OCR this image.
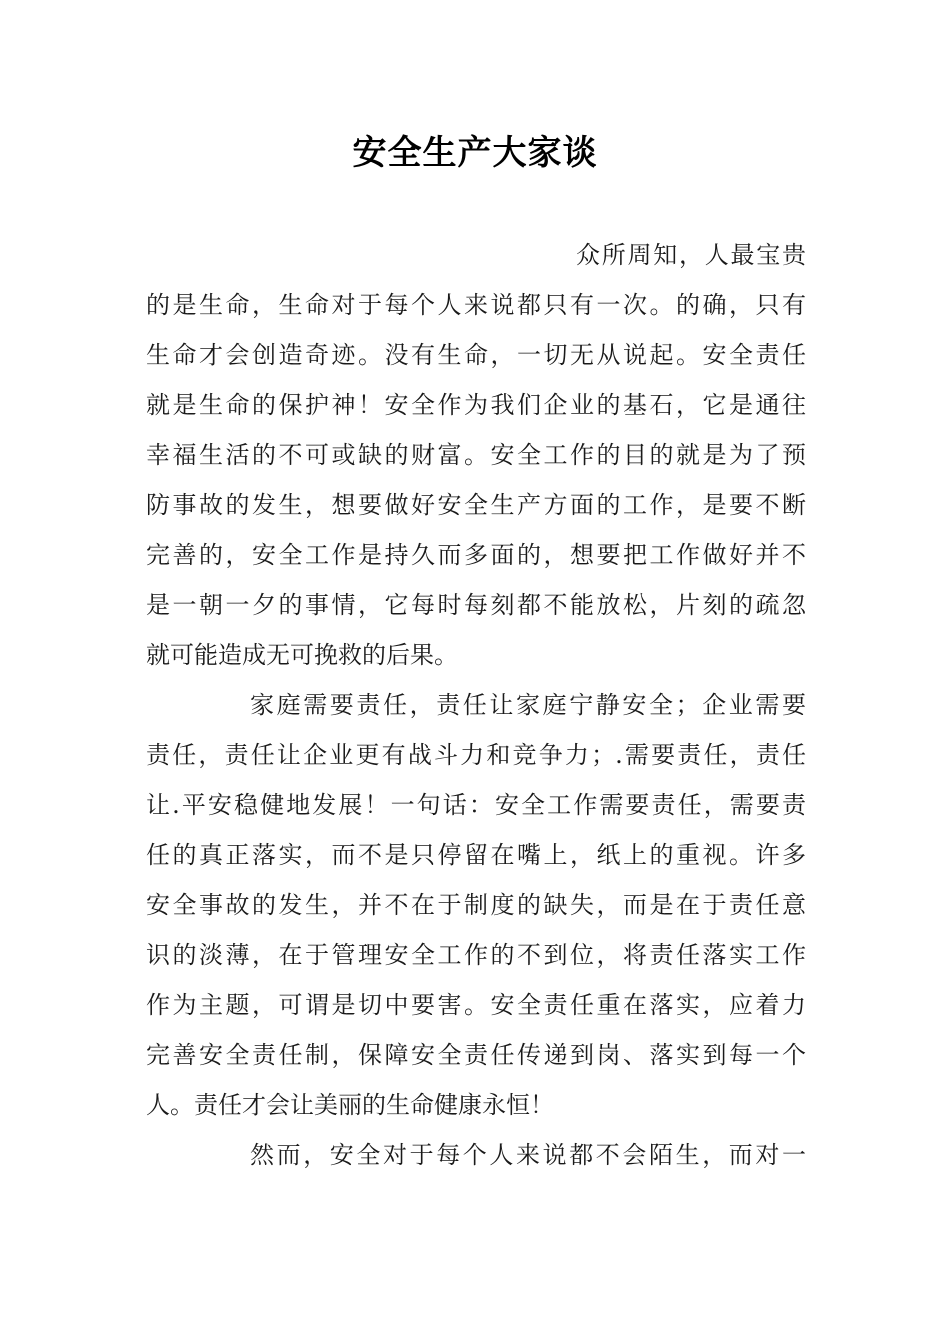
安全生产大家谈
众所周知，人最宝贵
的是生命，生命对于每个人来说都只有一次。的确，只有
生命才会创造奇迹。没有生命，一切无从说起。安全责任
就是生命的保护神！安全作为我们企业的基石，它是通往
幸福生活的不可或缺的财富。安全工作的目的就是为了预
防事故的发生，想要做好安全生产方面的工作，是要不断
完善的，安全工作是持久而多面的，想要把工作做好并不
是一朝一夕的事情，它每时每刻都不能放松，片刻的疏忽
就可能造成无可挽救的后果。
家庭需要责任，责任让家庭宁静安全；企业需要
责任，责任让企业更有战斗力和竞争力；.需要责任，责任
让.平安稳健地发展！一句话：安全工作需要责任，需要责
任的真正落实，而不是只停留在嘴上，纸上的重视。许多
安全事故的发生，并不在于制度的缺失，而是在于责任意
识的淡薄，在于管理安全工作的不到位，将责任落实工作
作为主题，可谓是切中要害。安全责任重在落实，应着力
完善安全责任制，保障安全责任传递到岗、落实到每一个
人。责任才会让美丽的生命健康永恒！
然而，安全对于每个人来说都不会陌生，而对一
